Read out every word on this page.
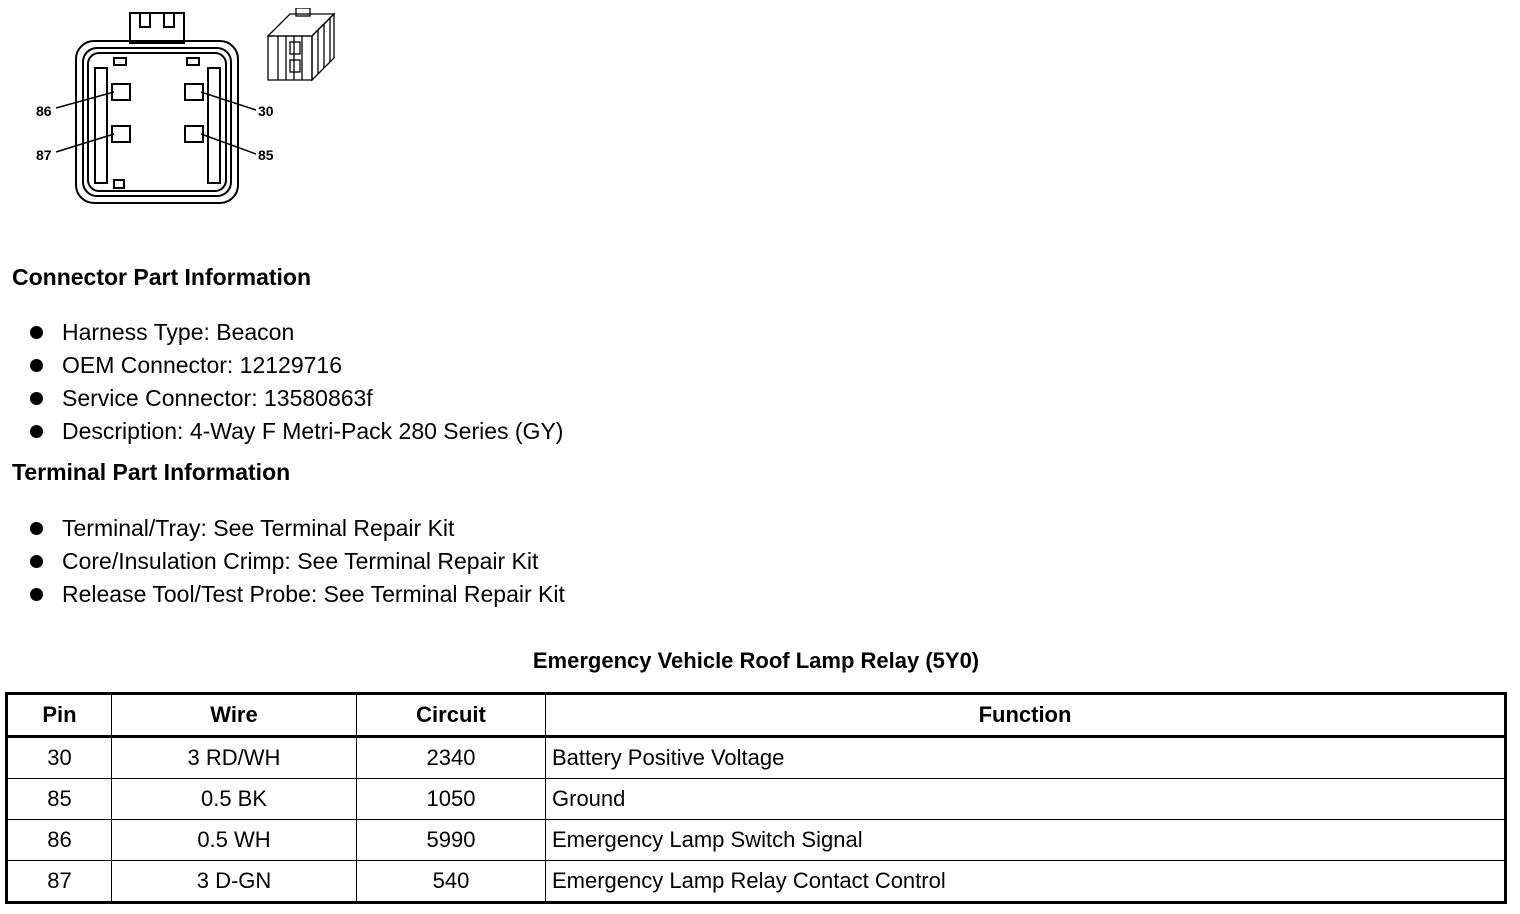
86
87
30
85
Connector Part Information
Harness Type: Beacon
OEM Connector: 12129716
Service Connector: 13580863f
Description: 4-Way F Metri-Pack 280 Series (GY)
Terminal Part Information
Terminal/Tray: See Terminal Repair Kit
Core/Insulation Crimp: See Terminal Repair Kit
Release Tool/Test Probe: See Terminal Repair Kit
Emergency Vehicle Roof Lamp Relay (5Y0)
Pin	Wire	Circuit	Function
30	3 RD/WH	2340	Battery Positive Voltage
85	0.5 BK	1050	Ground
86	0.5 WH	5990	Emergency Lamp Switch Signal
87	3 D-GN	540	Emergency Lamp Relay Contact Control
